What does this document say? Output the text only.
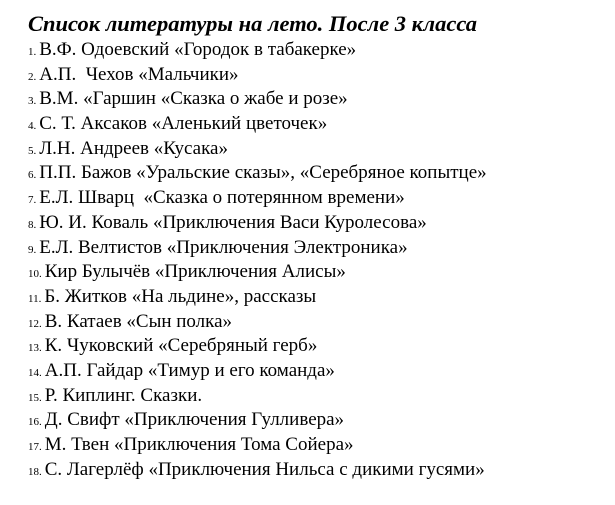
Список литературы на лето. После 3 класса
1. В.Ф. Одоевский «Городок в табакерке»
2. А.П.  Чехов «Мальчики»
3. В.М. «Гаршин «Сказка о жабе и розе»
4. С. Т. Аксаков «Аленький цветочек»
5. Л.Н. Андреев «Кусака»
6. П.П. Бажов «Уральские сказы», «Серебряное копытце»
7. Е.Л. Шварц  «Сказка о потерянном времени»
8. Ю. И. Коваль «Приключения Васи Куролесова»
9. Е.Л. Велтистов «Приключения Электроника»
10. Кир Булычёв «Приключения Алисы»
11. Б. Житков «На льдине», рассказы
12. В. Катаев «Сын полка»
13. К. Чуковский «Серебряный герб»
14. А.П. Гайдар «Тимур и его команда»
15. Р. Киплинг. Сказки.
16. Д. Свифт «Приключения Гулливера»
17. М. Твен «Приключения Тома Сойера»
18. С. Лагерлёф «Приключения Нильса с дикими гусями»
